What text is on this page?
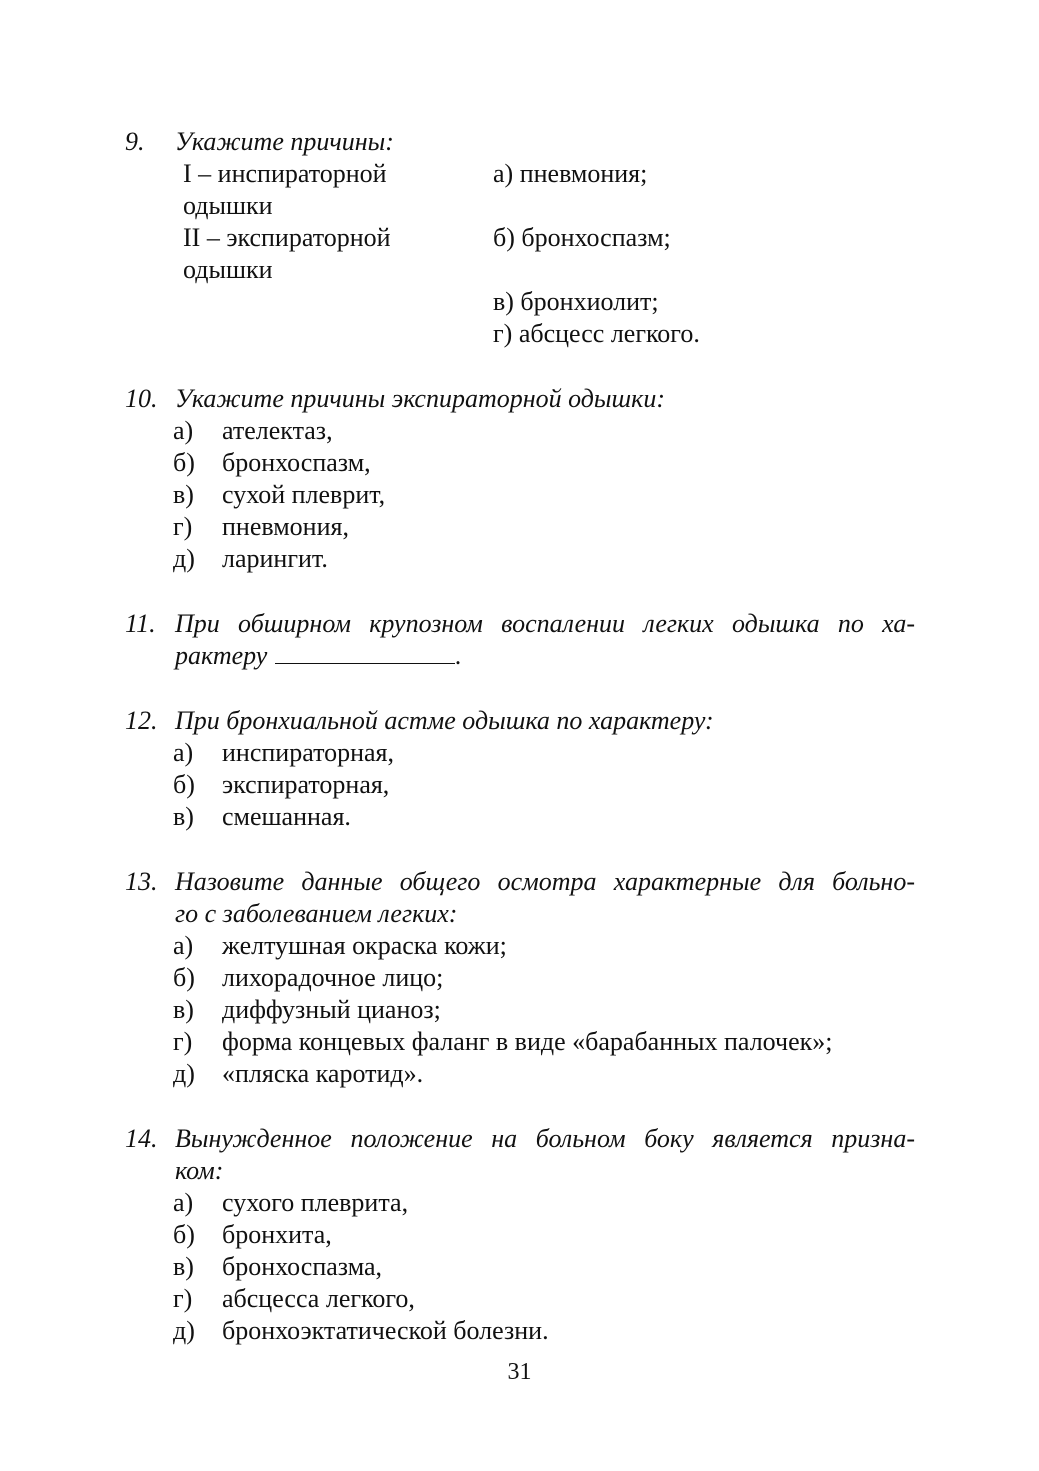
9. Укажите причины:
I – инспираторной
одышки
II – экспираторной
одышки
а) пневмония;
б) бронхоспазм;
в) бронхиолит;
г) абсцесс легкого.
10. Укажите причины экспираторной одышки:
а) ателектаз,
б) бронхоспазм,
в) сухой плеврит,
г) пневмония,
д) ларингит.
11. При обширном крупозном воспалении легких одышка по ха-
рактеру	.
12. При бронхиальной астме одышка по характеру:
а) инспираторная,
б) экспираторная,
в) смешанная.
13. Назовите данные общего осмотра характерные для больно-
го с заболеванием легких:
а) желтушная окраска кожи;
б) лихорадочное лицо;
в) диффузный цианоз;
г) форма концевых фаланг в виде «барабанных палочек»;
д) «пляска каротид».
14. Вынужденное положение на больном боку является призна-
ком:
а) сухого плеврита,
б) бронхита,
в) бронхоспазма,
г) абсцесса легкого,
д) бронхоэктатической болезни.
31
